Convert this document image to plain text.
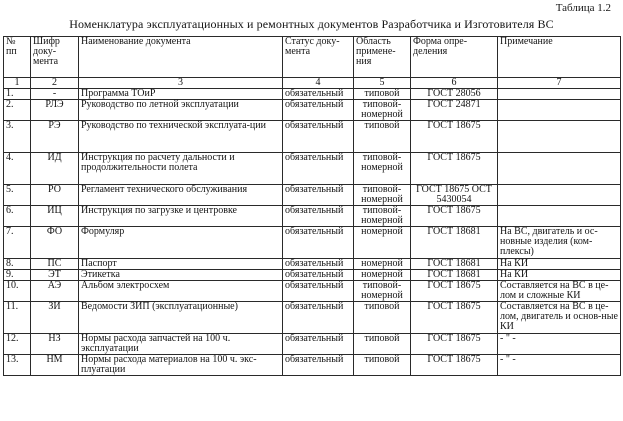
Таблица 1.2
Номенклатура эксплуатационных и ремонтных документов Разработчика и Изготовителя ВС
№ пп	Шифр доку-мента	Наименование документа	Статус доку-мента	Область примене-ния	Форма опре-деления	Примечание
1	2	3	4	5	6	7
1.	-	Программа ТОиР	обязательный	типовой	ГОСТ 28056	
2.	РЛЭ	Руководство по летной эксплуатации	обязательный	типовой-номерной	ГОСТ 24871	
3.	РЭ	Руководство по технической эксплуата-ции	обязательный	типовой	ГОСТ 18675	
4.	ИД	Инструкция по расчету дальности и продолжительности полета	обязательный	типовой-номерной	ГОСТ 18675	
5.	РО	Регламент технического обслуживания	обязательный	типовой-номерной	ГОСТ 18675 ОСТ 5430054	
6.	ИЦ	Инструкция по загрузке и центровке	обязательный	типовой-номерной	ГОСТ 18675	
7.	ФО	Формуляр	обязательный	номерной	ГОСТ 18681	На ВС, двигатель и ос-новные изделия (ком-плексы)
8.	ПС	Паспорт	обязательный	номерной	ГОСТ 18681	На КИ
9.	ЭТ	Этикетка	обязательный	номерной	ГОСТ 18681	На КИ
10.	АЭ	Альбом электросхем	обязательный	типовой-номерной	ГОСТ 18675	Составляется на ВС в це-лом и сложные КИ
11.	ЗИ	Ведомости ЗИП (эксплуатационные)	обязательный	типовой	ГОСТ 18675	Составляется на ВС в це-лом, двигатель и основ-ные КИ
12.	НЗ	Нормы расхода запчастей на 100 ч. эксплуатации	обязательный	типовой	ГОСТ 18675	- " -
13.	НМ	Нормы расхода материалов на 100 ч. экс-плуатации	обязательный	типовой	ГОСТ 18675	- " -
